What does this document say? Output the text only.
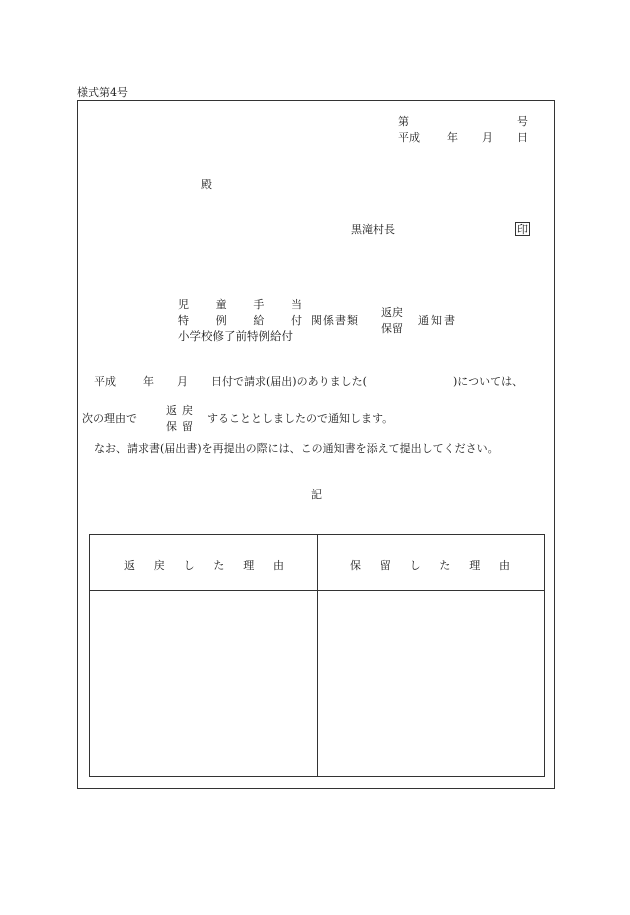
様式第4号
第	号
平成 年 月 日
殿
黒滝村長	印
児 童 手 当
特 例 給 付
小学校修了前特例給付
関係書類
返戻
保留
通知書
平成 年 月 日付で請求(届出)のありました(	)については、
次の理由で
返戻
保留
することとしましたので通知します。
なお、請求書(届出書)を再提出の際には、この通知書を添えて提出してください。
記
返 戻 し た 理 由	保 留 し た 理 由
